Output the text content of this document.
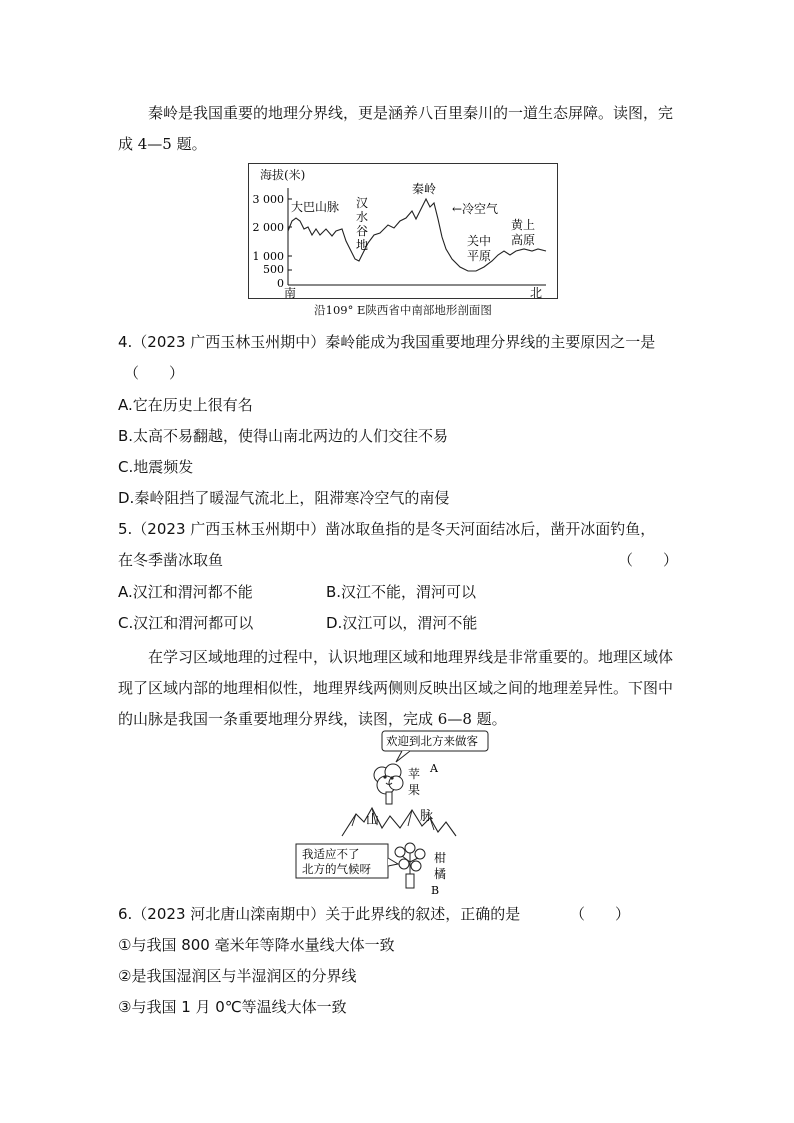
秦岭是我国重要的地理分界线，更是涵养八百里秦川的一道生态屏障。读图，完成 4—5 题。
海拔(米)
3 000
2 000
1 000
500
0
大巴山脉 汉
水
谷
地
秦岭
←冷空气
关中
平原
黄上
高原
南	北
沿109° E陕西省中南部地形剖面图
4.（2023 广西玉林玉州期中）秦岭能成为我国重要地理分界线的主要原因之一是
（　　）
A.它在历史上很有名
B.太高不易翻越，使得山南北两边的人们交往不易
C.地震频发
D.秦岭阻挡了暖湿气流北上，阻滞寒冷空气的南侵
5.（2023 广西玉林玉州期中）凿冰取鱼指的是冬天河面结冰后，凿开冰面钓鱼，
在冬季凿冰取鱼	（　　）
A.汉江和渭河都不能	B.汉江不能，渭河可以
C.汉江和渭河都可以	D.汉江可以，渭河不能
在学习区域地理的过程中，认识地理区域和地理界线是非常重要的。地理区域体现了区域内部的地理相似性，地理界线两侧则反映出区域之间的地理差异性。下图中的山脉是我国一条重要地理分界线，读图，完成 6—8 题。
欢迎到北方来做客
苹
果
A
山	脉
我适应不了
北方的气候呀
柑
橘
B
6.（2023 河北唐山滦南期中）关于此界线的叙述，正确的是	（　　）
①与我国 800 毫米年等降水量线大体一致
②是我国湿润区与半湿润区的分界线
③与我国 1 月 0℃等温线大体一致
